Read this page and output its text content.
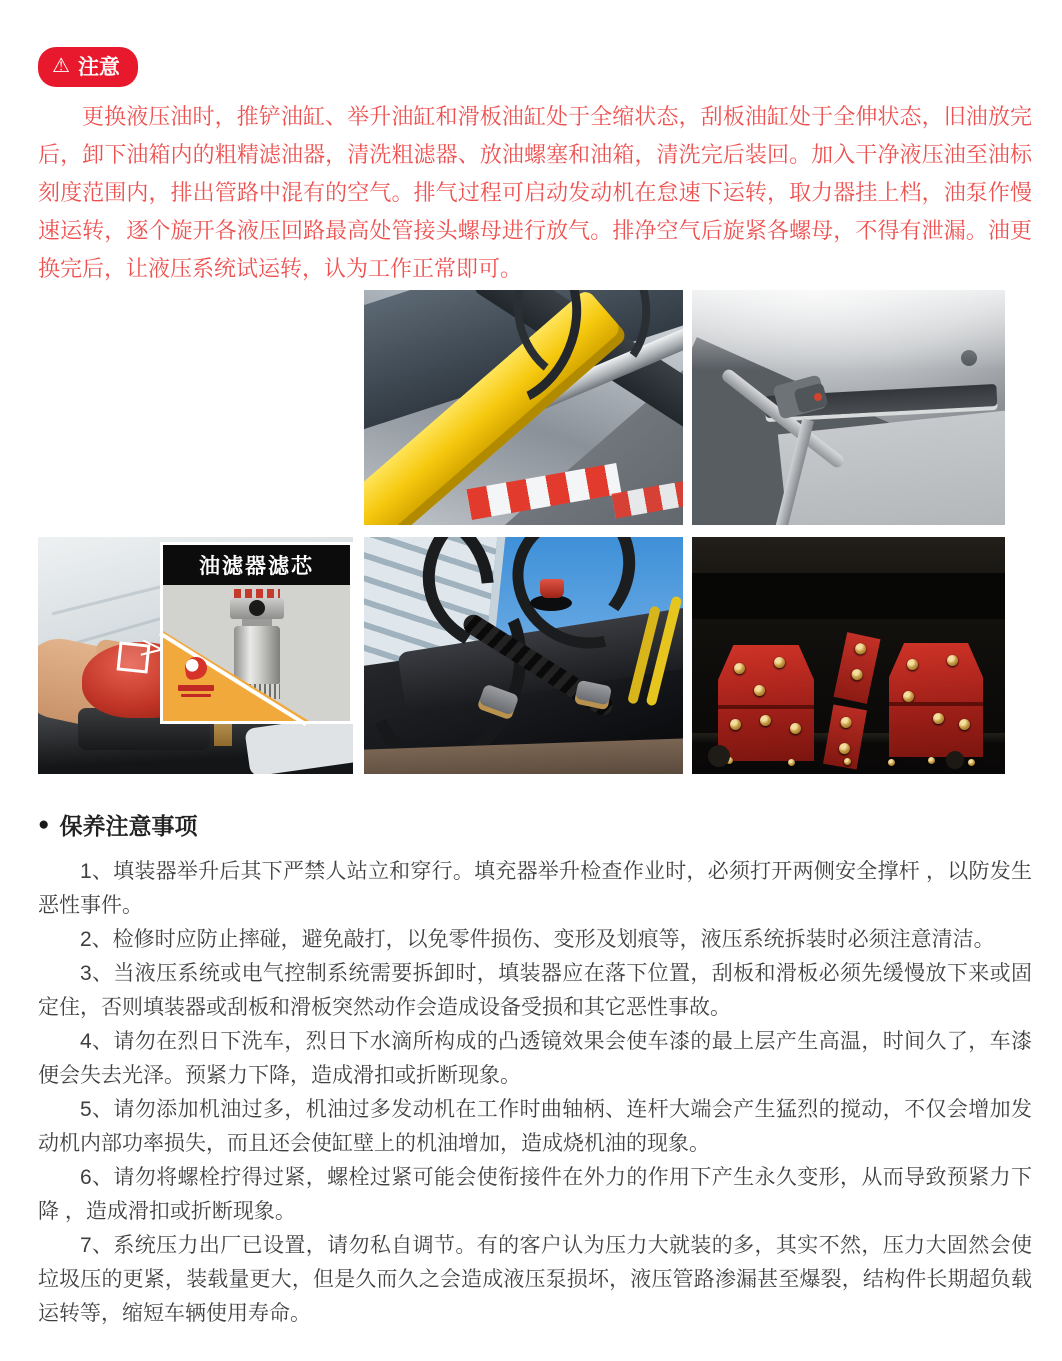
⚠ 注意

更换液压油时，推铲油缸、举升油缸和滑板油缸处于全缩状态，刮板油缸处于全伸状态，旧油放完后，卸下油箱内的粗精滤油器，清洗粗滤器、放油螺塞和油箱，清洗完后装回。加入干净液压油至油标刻度范围内，排出管路中混有的空气。排气过程可启动发动机在怠速下运转，取力器挂上档，油泵作慢速运转，逐个旋开各液压回路最高处管接头螺母进行放气。排净空气后旋紧各螺母，不得有泄漏。油更换完后，让液压系统试运转，认为工作正常即可。

油滤器滤芯
● 保养注意事项

1、填装器举升后其下严禁人站立和穿行。填充器举升检查作业时，必须打开两侧安全撑杆 ，以防发生恶性事件。

2、检修时应防止摔碰，避免敲打，以免零件损伤、变形及划痕等，液压系统拆装时必须注意清洁。

3、当液压系统或电气控制系统需要拆卸时，填装器应在落下位置，刮板和滑板必须先缓慢放下来或固定住，否则填装器或刮板和滑板突然动作会造成设备受损和其它恶性事故。

4、请勿在烈日下洗车，烈日下水滴所构成的凸透镜效果会使车漆的最上层产生高温，时间久了，车漆便会失去光泽。预紧力下降，造成滑扣或折断现象。

5、请勿添加机油过多，机油过多发动机在工作时曲轴柄、连杆大端会产生猛烈的搅动，不仅会增加发动机内部功率损失，而且还会使缸壁上的机油增加，造成烧机油的现象。

6、请勿将螺栓拧得过紧，螺栓过紧可能会使衔接件在外力的作用下产生永久变形，从而导致预紧力下降 ，造成滑扣或折断现象。

7、系统压力出厂已设置，请勿私自调节。有的客户认为压力大就装的多，其实不然，压力大固然会使垃圾压的更紧，装载量更大，但是久而久之会造成液压泵损坏，液压管路渗漏甚至爆裂，结构件长期超负载运转等，缩短车辆使用寿命。
